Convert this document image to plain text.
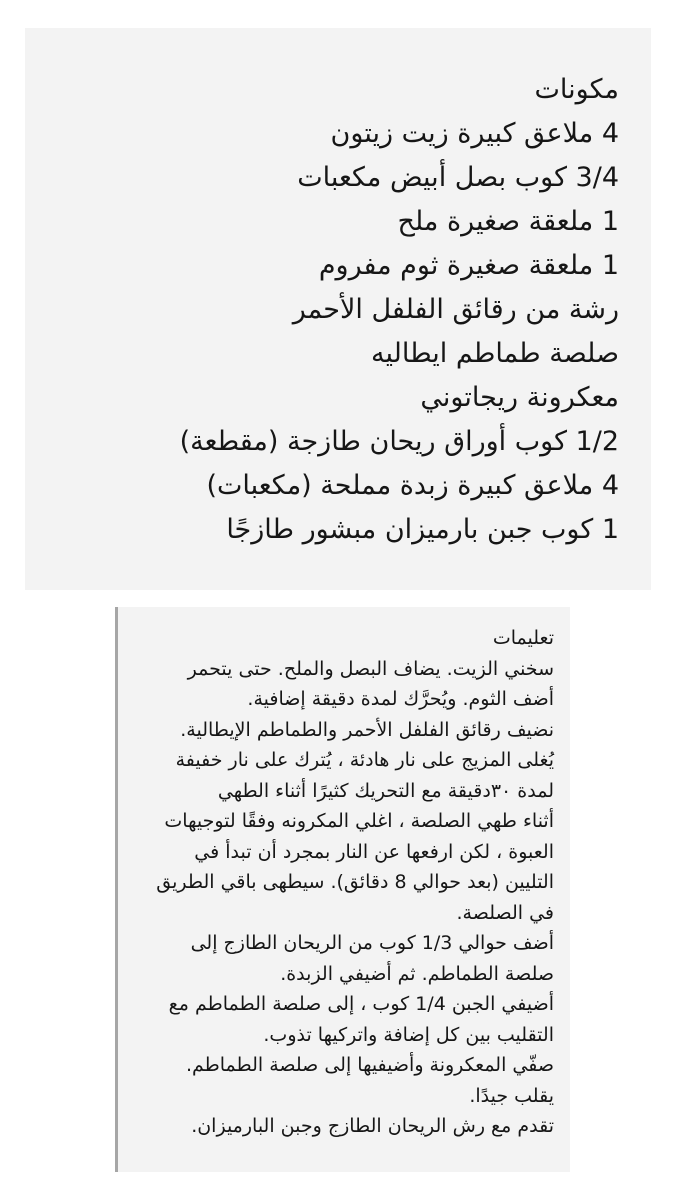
مكونات
4 ملاعق كبيرة زيت زيتون
3/4 كوب بصل أبيض مكعبات
1 ملعقة صغيرة ملح
1 ملعقة صغيرة ثوم مفروم
رشة من رقائق الفلفل الأحمر
صلصة طماطم ايطاليه
معكرونة ريجاتوني
1/2 كوب أوراق ريحان طازجة (مقطعة)
4 ملاعق كبيرة زبدة مملحة (مكعبات)
1 كوب جبن بارميزان مبشور طازجًا
تعليمات
سخني الزيت. يضاف البصل والملح. حتى يتحمر
أضف الثوم. ويُحرَّك لمدة دقيقة إضافية.
نضيف رقائق الفلفل الأحمر والطماطم الإيطالية.
يُغلى المزيج على نار هادئة ، يُترك على نار خفيفة
لمدة ٣٠دقيقة مع التحريك كثيرًا أثناء الطهي
أثناء طهي الصلصة ، اغلي المكرونه وفقًا لتوجيهات
العبوة ، لكن ارفعها عن النار بمجرد أن تبدأ في
التليين (بعد حوالي 8 دقائق). سيطهى باقي الطريق
في الصلصة.
أضف حوالي 1/3 كوب من الريحان الطازج إلى
صلصة الطماطم. ثم أضيفي الزبدة.
أضيفي الجبن 1/4 كوب ، إلى صلصة الطماطم مع
التقليب بين كل إضافة واتركيها تذوب.
صفّي المعكرونة وأضيفيها إلى صلصة الطماطم.
يقلب جيدًا.
تقدم مع رش الريحان الطازج وجبن البارميزان.
